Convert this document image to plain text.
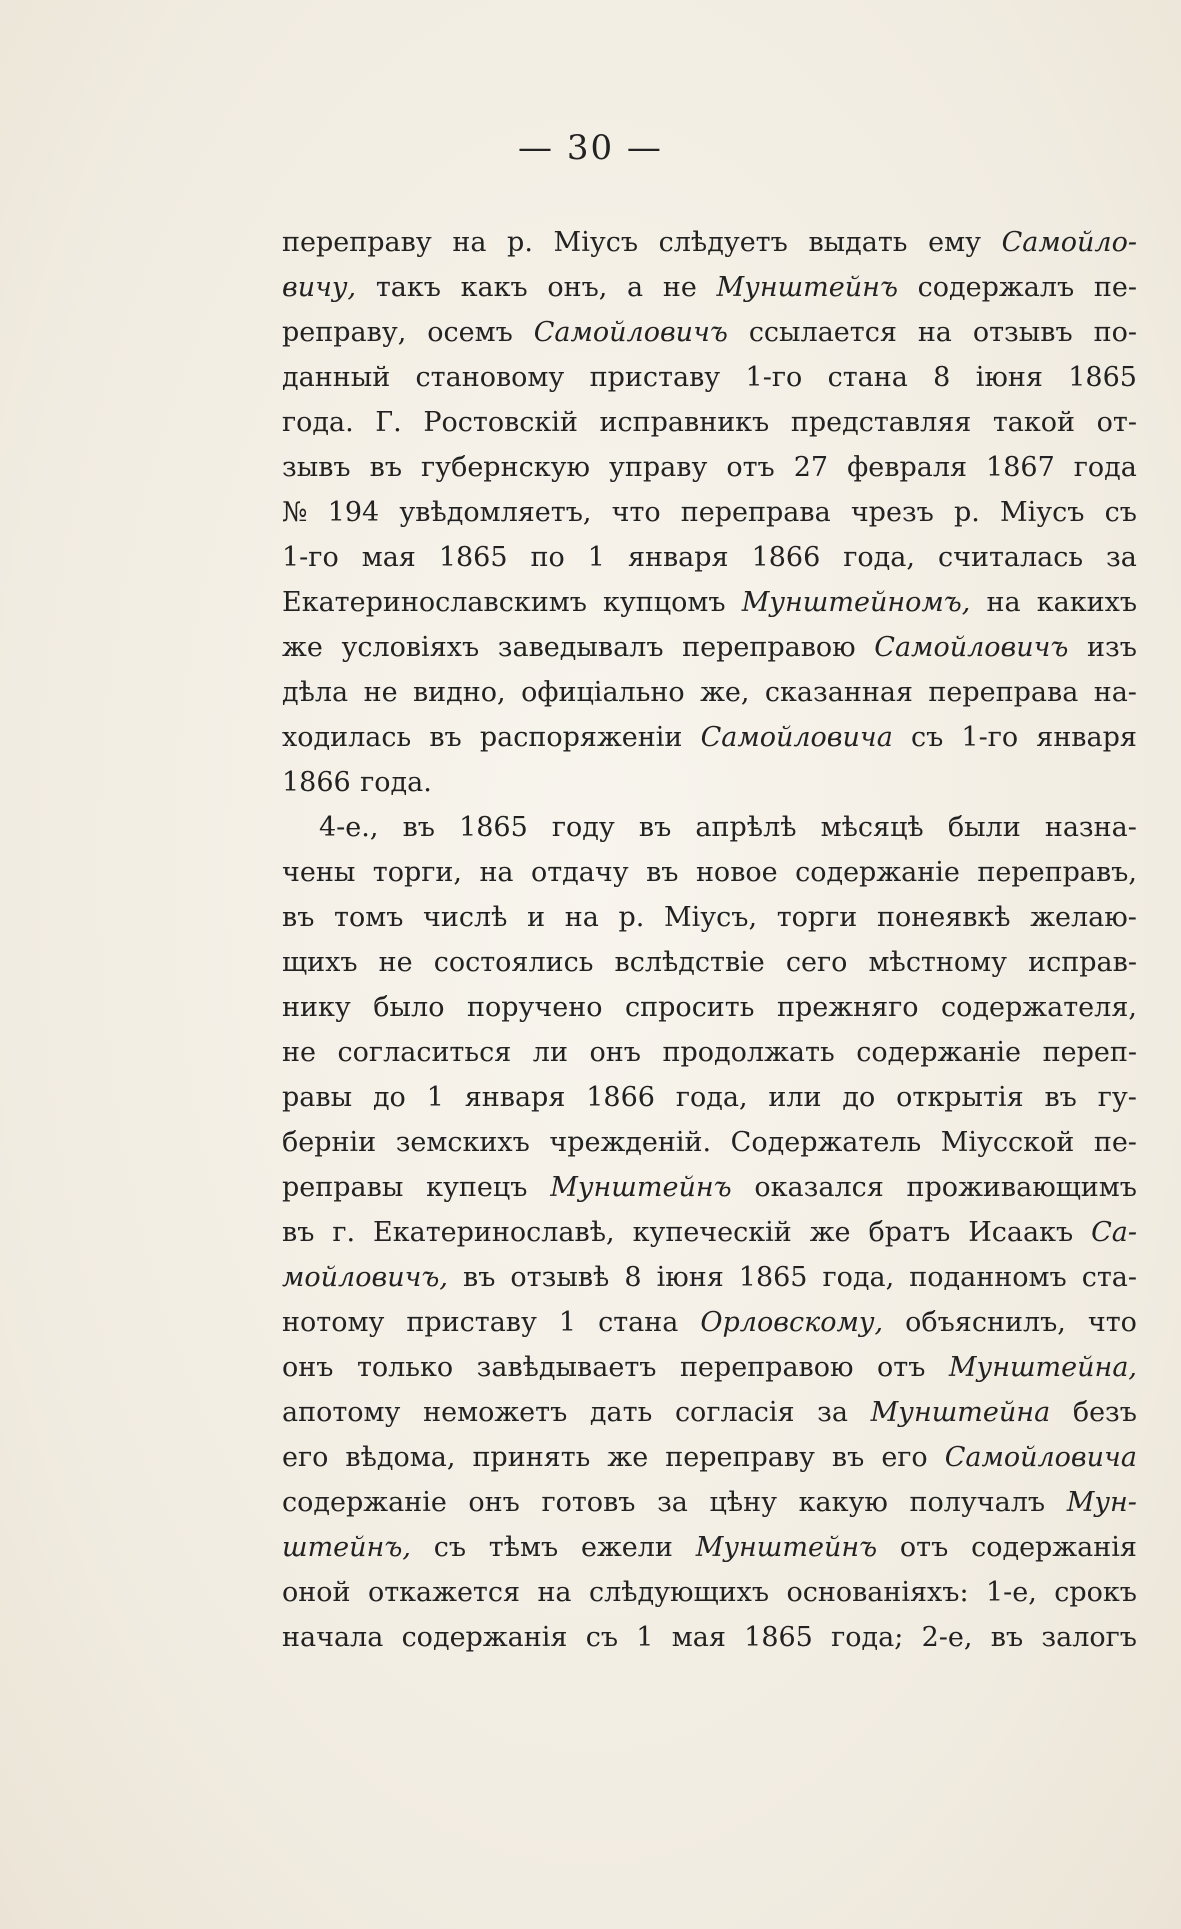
— 30 —
переправу на р. Міусъ слѣдуетъ выдать ему Самойло-
вичу, такъ какъ онъ, а не Мунштейнъ содержалъ пе-
реправу, осемъ Самойловичъ ссылается на отзывъ по-
данный становому приставу 1-го стана 8 іюня 1865
года. Г. Ростовскій исправникъ представляя такой от-
зывъ въ губернскую управу отъ 27 февраля 1867 года
№ 194 увѣдомляетъ, что переправа чрезъ р. Міусъ съ
1-го мая 1865 по 1 января 1866 года, считалась за
Екатеринославскимъ купцомъ Мунштейномъ, на какихъ
же условіяхъ заведывалъ переправою Самойловичъ изъ
дѣла не видно, офиціально же, сказанная переправа на-
ходилась въ распоряженіи Самойловича съ 1-го января
1866 года.
4-е., въ 1865 году въ апрѣлѣ мѣсяцѣ были назна-
чены торги, на отдачу въ новое содержаніе переправъ,
въ томъ числѣ и на р. Міусъ, торги понеявкѣ желаю-
щихъ не состоялись вслѣдствіе сего мѣстному исправ-
нику было поручено спросить прежняго содержателя,
не согласиться ли онъ продолжать содержаніе переп-
равы до 1 января 1866 года, или до открытія въ гу-
берніи земскихъ чрежденій. Содержатель Міусской пе-
реправы купецъ Мунштейнъ оказался проживающимъ
въ г. Екатеринославѣ, купеческій же братъ Исаакъ Са-
мойловичъ, въ отзывѣ 8 іюня 1865 года, поданномъ ста-
нотому приставу 1 стана Орловскому, объяснилъ, что
онъ только завѣдываетъ переправою отъ Мунштейна,
апотому неможетъ дать согласія за Мунштейна безъ
его вѣдома, принять же переправу въ его Самойловича
содержаніе онъ готовъ за цѣну какую получалъ Мун-
штейнъ, съ тѣмъ ежели Мунштейнъ отъ содержанія
оной откажется на слѣдующихъ основаніяхъ: 1-е, срокъ
начала содержанія съ 1 мая 1865 года; 2-е, въ залогъ
